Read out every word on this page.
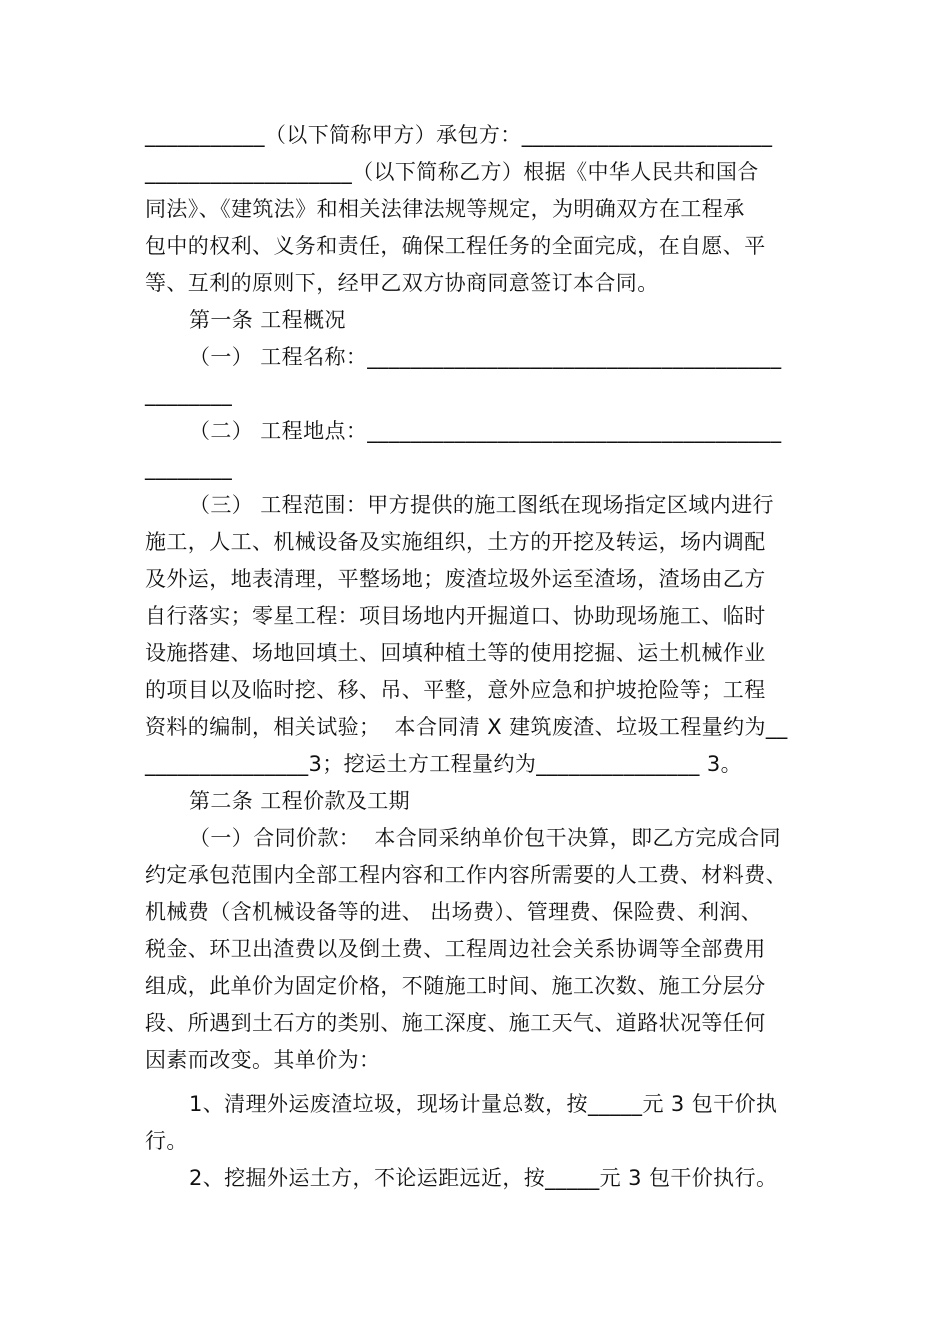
___________（以下简称甲方）承包方：_______________________
___________________（以下简称乙方）根据《中华人民共和国合
同法》、《建筑法》和相关法律法规等规定，为明确双方在工程承
包中的权利、义务和责任，确保工程任务的全面完成，在自愿、平
等、互利的原则下，经甲乙双方协商同意签订本合同。
第一条 工程概况
（一） 工程名称：______________________________________
________
（二） 工程地点：______________________________________
________
（三） 工程范围：甲方提供的施工图纸在现场指定区域内进行
施工，人工、机械设备及实施组织，土方的开挖及转运，场内调配
及外运，地表清理，平整场地；废渣垃圾外运至渣场，渣场由乙方
自行落实；零星工程：项目场地内开掘道口、协助现场施工、临时
设施搭建、场地回填土、回填种植土等的使用挖掘、运土机械作业
的项目以及临时挖、移、吊、平整，意外应急和护坡抢险等；工程
资料的编制，相关试验；  本合同清 X 建筑废渣、垃圾工程量约为__
_______________3；挖运土方工程量约为_______________ 3。
第二条 工程价款及工期
（一）合同价款：  本合同采纳单价包干决算，即乙方完成合同
约定承包范围内全部工程内容和工作内容所需要的人工费、材料费、
机械费（含机械设备等的进、 出场费）、管理费、保险费、利润、
税金、环卫出渣费以及倒土费、工程周边社会关系协调等全部费用
组成，此单价为固定价格，不随施工时间、施工次数、施工分层分
段、所遇到土石方的类别、施工深度、施工天气、道路状况等任何
因素而改变。其单价为：
1、清理外运废渣垃圾，现场计量总数，按_____元 3 包干价执
行。
2、挖掘外运土方，不论运距远近，按_____元 3 包干价执行。
